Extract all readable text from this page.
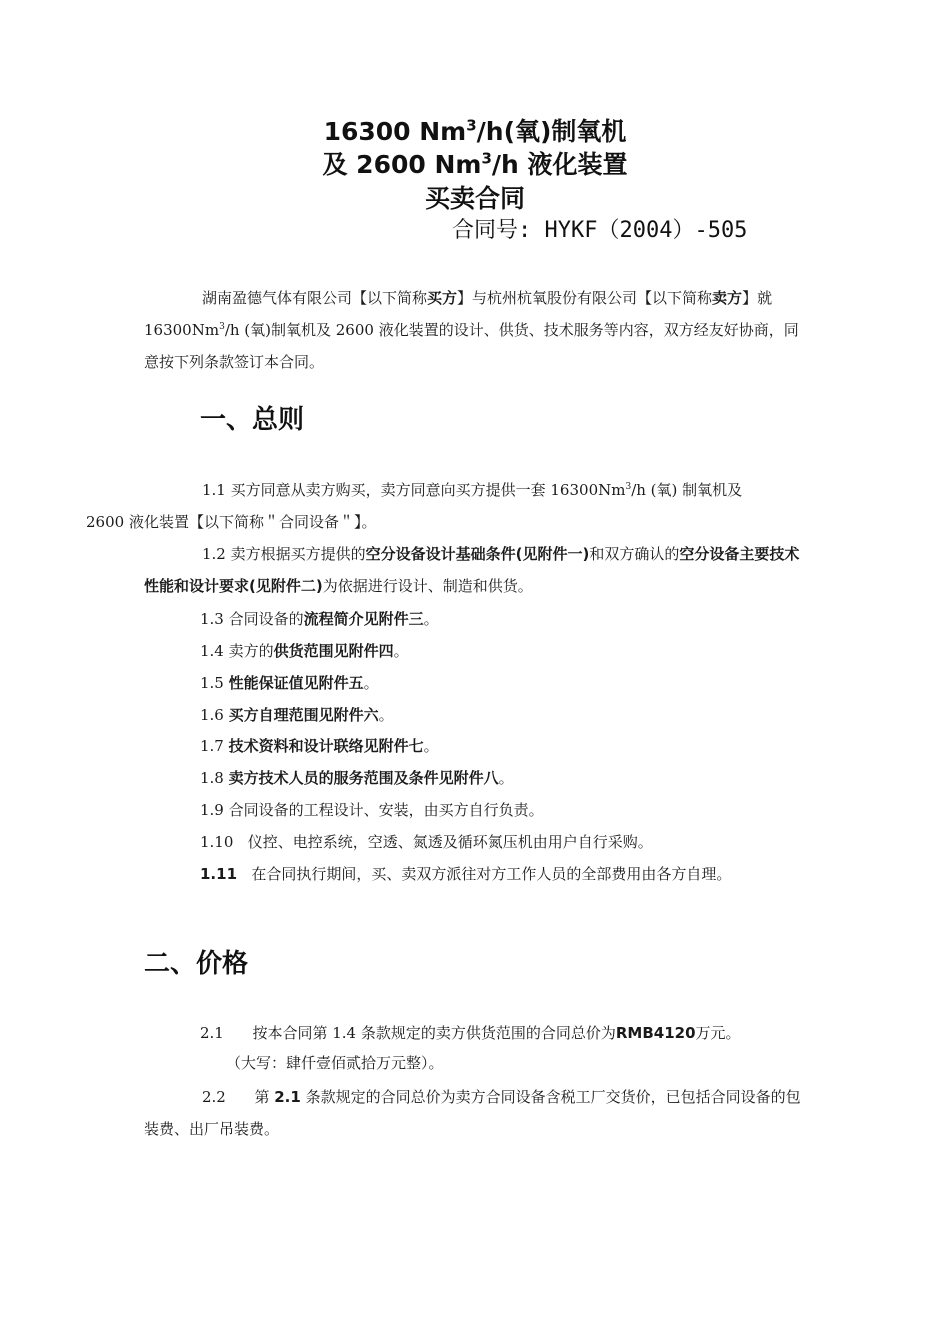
16300 Nm$^3$/h(氧)制氧机
及 2600 Nm$^3$/h 液化装置
买卖合同
合同号: HYKF（2004）-505

湖南盈德气体有限公司【以下简称买方】与杭州杭氧股份有限公司【以下简称卖方】就 16300Nm$^3$/h (氧)制氧机及 2600 液化装置的设计、供货、技术服务等内容，双方经友好协商，同意按下列条款签订本合同。

一、总则

1.1 买方同意从卖方购买，卖方同意向买方提供一套 16300Nm$^3$/h (氧) 制氧机及
2600 液化装置【以下简称＂合同设备＂】。

1.2 卖方根据买方提供的空分设备设计基础条件(见附件一)和双方确认的空分设备主要技术性能和设计要求(见附件二)为依据进行设计、制造和供货。

1.3 合同设备的流程简介见附件三。
1.4 卖方的供货范围见附件四。
1.5 性能保证值见附件五。
1.6 买方自理范围见附件六。
1.7 技术资料和设计联络见附件七。
1.8 卖方技术人员的服务范围及条件见附件八。
1.9 合同设备的工程设计、安装，由买方自行负责。
1.10   仪控、电控系统，空透、氮透及循环氮压机由用户自行采购。
1.11   在合同执行期间，买、卖双方派往对方工作人员的全部费用由各方自理。
二、价格
2.1      按本合同第 1.4 条款规定的卖方供货范围的合同总价为RMB4120万元。
（大写：肆仟壹佰贰拾万元整）。

2.2      第 2.1 条款规定的合同总价为卖方合同设备含税工厂交货价，已包括合同设备的包装费、出厂吊装费。
